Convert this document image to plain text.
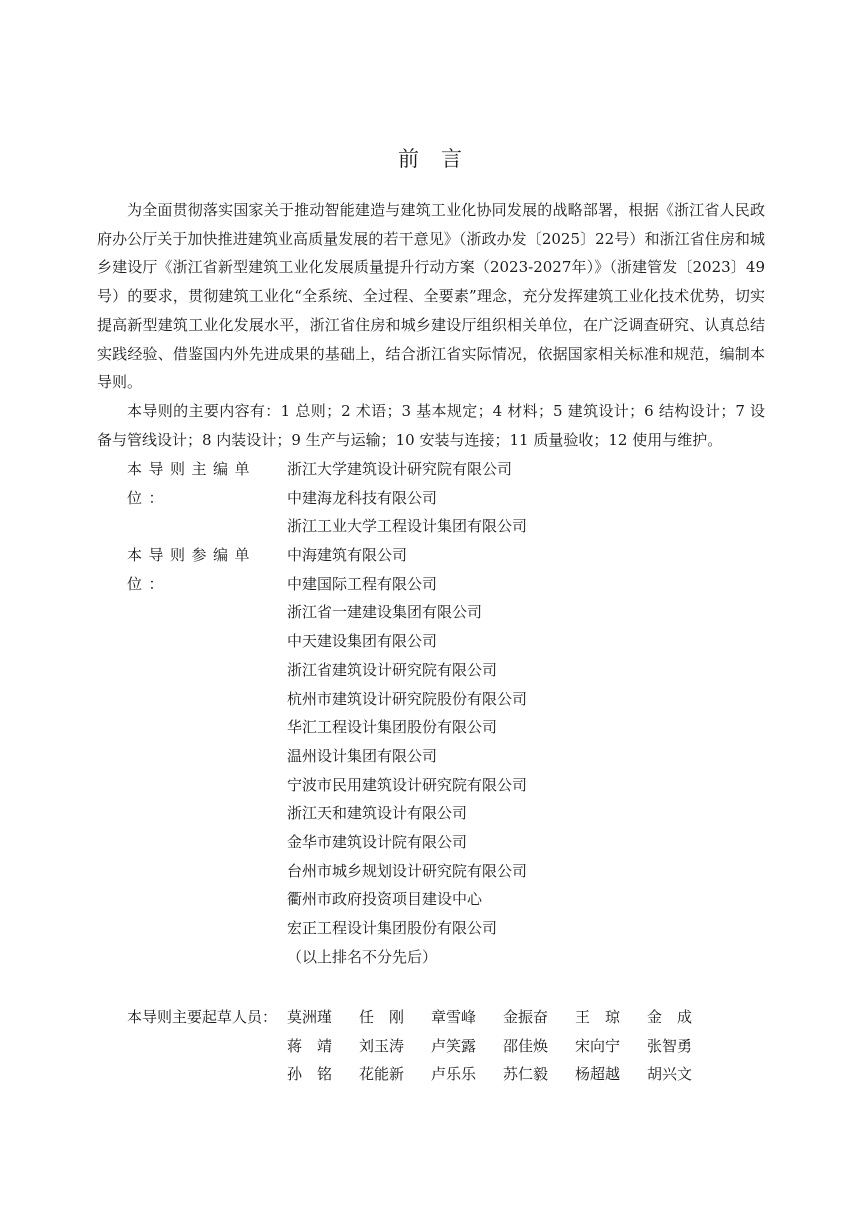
前 言

为全面贯彻落实国家关于推动智能建造与建筑工业化协同发展的战略部署，根据《浙江省人民政府办公厅关于加快推进建筑业高质量发展的若干意见》（浙政办发〔2025〕22号）和浙江省住房和城乡建设厅《浙江省新型建筑工业化发展质量提升行动方案（2023-2027年）》（浙建管发〔2023〕49号）的要求，贯彻建筑工业化“全系统、全过程、全要素”理念，充分发挥建筑工业化技术优势，切实提高新型建筑工业化发展水平，浙江省住房和城乡建设厅组织相关单位，在广泛调查研究、认真总结实践经验、借鉴国内外先进成果的基础上，结合浙江省实际情况，依据国家相关标准和规范，编制本导则。

本导则的主要内容有：1 总则；2 术语；3 基本规定；4 材料；5 建筑设计；6 结构设计；7 设备与管线设计；8 内装设计；9 生产与运输；10 安装与连接；11 质量验收；12 使用与维护。

本导则主编单位：
浙江大学建筑设计研究院有限公司
中建海龙科技有限公司
浙江工业大学工程设计集团有限公司
本导则参编单位：
中海建筑有限公司
中建国际工程有限公司
浙江省一建建设集团有限公司
中天建设集团有限公司
浙江省建筑设计研究院有限公司
杭州市建筑设计研究院股份有限公司
华汇工程设计集团股份有限公司
温州设计集团有限公司
宁波市民用建筑设计研究院有限公司
浙江天和建筑设计有限公司
金华市建筑设计院有限公司
台州市城乡规划设计研究院有限公司
衢州市政府投资项目建设中心
宏正工程设计集团股份有限公司
（以上排名不分先后）
本导则主要起草人员： 莫洲瑾	任　刚	章雪峰	金振奋	王　琼	金　成
蒋　靖	刘玉涛	卢笑露	邵佳焕	宋向宁	张智勇
孙　铭	花能新	卢乐乐	苏仁毅	杨超越	胡兴文
